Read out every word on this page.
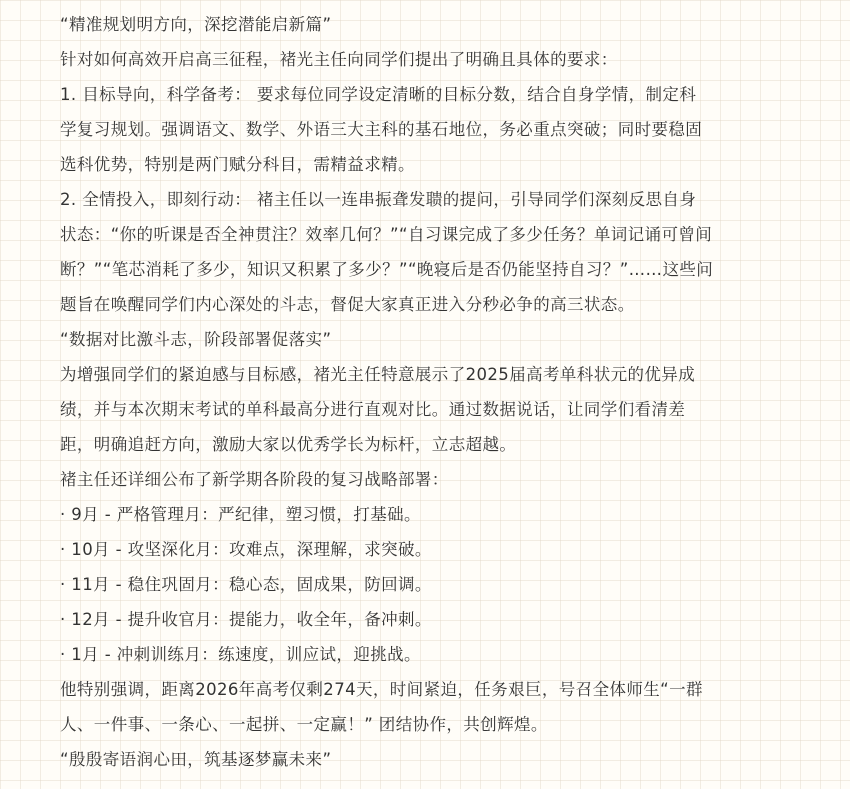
“精准规划明方向，深挖潜能启新篇”
针对如何高效开启高三征程，褚光主任向同学们提出了明确且具体的要求：
1. 目标导向，科学备考： 要求每位同学设定清晰的目标分数，结合自身学情，制定科
学复习规划。强调语文、数学、外语三大主科的基石地位，务必重点突破；同时要稳固
选科优势，特别是两门赋分科目，需精益求精。
2. 全情投入，即刻行动： 褚主任以一连串振聋发聩的提问，引导同学们深刻反思自身
状态：“你的听课是否全神贯注？效率几何？”“自习课完成了多少任务？单词记诵可曾间
断？”“笔芯消耗了多少，知识又积累了多少？”“晚寝后是否仍能坚持自习？”……这些问
题旨在唤醒同学们内心深处的斗志，督促大家真正进入分秒必争的高三状态。
“数据对比激斗志，阶段部署促落实”
为增强同学们的紧迫感与目标感，褚光主任特意展示了2025届高考单科状元的优异成
绩，并与本次期末考试的单科最高分进行直观对比。通过数据说话，让同学们看清差
距，明确追赶方向，激励大家以优秀学长为标杆，立志超越。
褚主任还详细公布了新学期各阶段的复习战略部署：
· 9月 - 严格管理月：严纪律，塑习惯，打基础。
· 10月 - 攻坚深化月：攻难点，深理解，求突破。
· 11月 - 稳住巩固月：稳心态，固成果，防回调。
· 12月 - 提升收官月：提能力，收全年，备冲刺。
· 1月 - 冲刺训练月：练速度，训应试，迎挑战。
他特别强调，距离2026年高考仅剩274天，时间紧迫，任务艰巨，号召全体师生“一群
人、一件事、一条心、一起拼、一定赢！” 团结协作，共创辉煌。
“殷殷寄语润心田，筑基逐梦赢未来”
